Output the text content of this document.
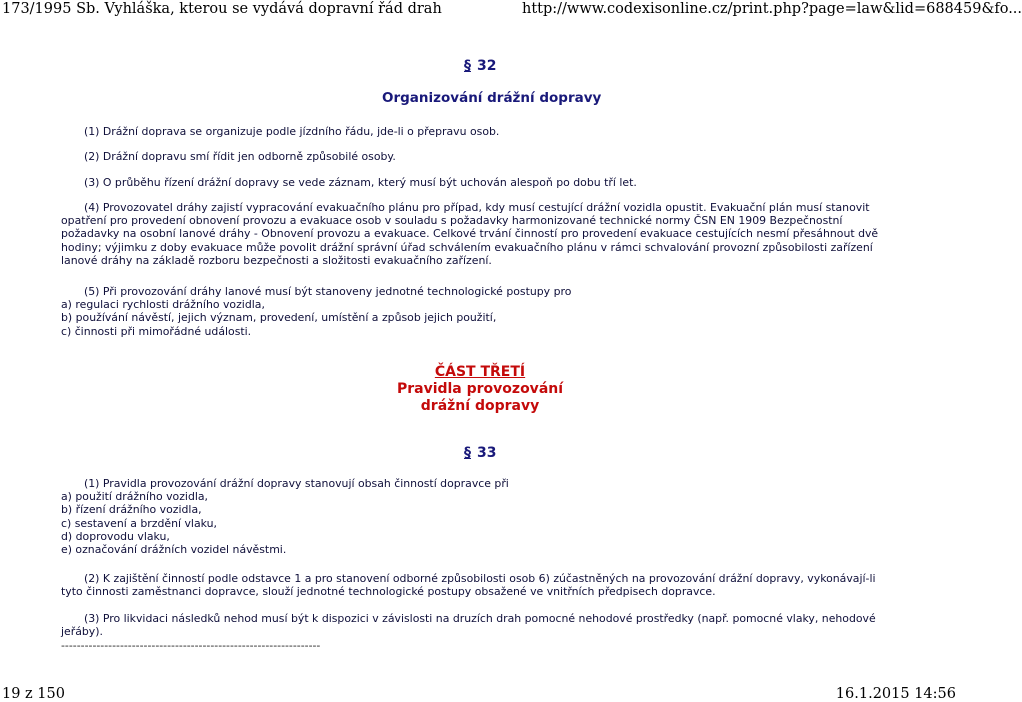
173/1995 Sb. Vyhláška, kterou se vydává dopravní řád drah	http://www.codexisonline.cz/print.php?page=law&lid=688459&fo...
§ 32
Organizování drážní dopravy

(1) Drážní doprava se organizuje podle jízdního řádu, jde-li o přepravu osob.

(2) Drážní dopravu smí řídit jen odborně způsobilé osoby.

(3) O průběhu řízení drážní dopravy se vede záznam, který musí být uchován alespoň po dobu tří let.

(4) Provozovatel dráhy zajistí vypracování evakuačního plánu pro případ, kdy musí cestující drážní vozidla opustit. Evakuační plán musí stanovit opatření pro provedení obnovení provozu a evakuace osob v souladu s požadavky harmonizované technické normy ČSN EN 1909 Bezpečnostní požadavky na osobní lanové dráhy - Obnovení provozu a evakuace. Celkové trvání činností pro provedení evakuace cestujících nesmí přesáhnout dvě hodiny; výjimku z doby evakuace může povolit drážní správní úřad schválením evakuačního plánu v rámci schvalování provozní způsobilosti zařízení lanové dráhy na základě rozboru bezpečnosti a složitosti evakuačního zařízení.

(5) Při provozování dráhy lanové musí být stanoveny jednotné technologické postupy pro
a) regulaci rychlosti drážního vozidla,
b) používání návěstí, jejich význam, provedení, umístění a způsob jejich použití,
c) činnosti při mimořádné události.
ČÁST TŘETÍ
Pravidla provozování
drážní dopravy
§ 33
(1) Pravidla provozování drážní dopravy stanovují obsah činností dopravce při
a) použití drážního vozidla,
b) řízení drážního vozidla,
c) sestavení a brzdění vlaku,
d) doprovodu vlaku,
e) označování drážních vozidel návěstmi.

(2) K zajištění činností podle odstavce 1 a pro stanovení odborné způsobilosti osob 6) zúčastněných na provozování drážní dopravy, vykonávají-li tyto činnosti zaměstnanci dopravce, slouží jednotné technologické postupy obsažené ve vnitřních předpisech dopravce.

(3) Pro likvidaci následků nehod musí být k dispozici v závislosti na druzích drah pomocné nehodové prostředky (např. pomocné vlaky, nehodové jeřáby).

------------------------------------------------------------------
19 z 150	16.1.2015 14:56
